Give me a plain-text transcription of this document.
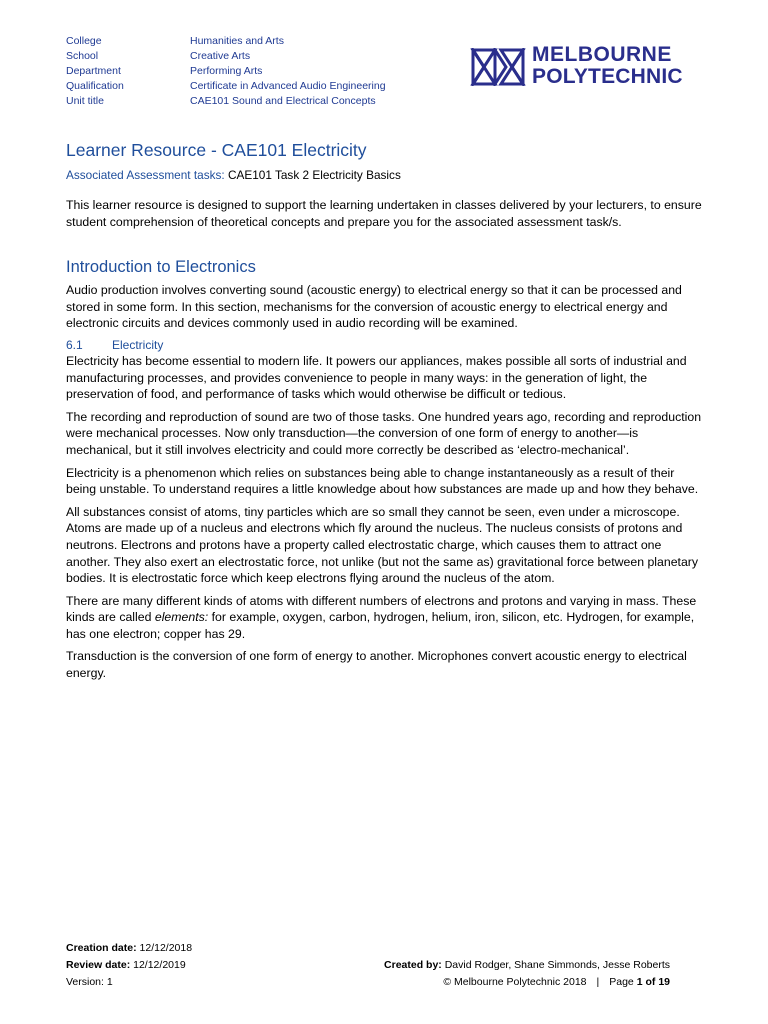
College	Humanities and Arts
School	Creative Arts
Department	Performing Arts
Qualification	Certificate in Advanced Audio Engineering
Unit title	CAE101 Sound and Electrical Concepts
MELBOURNE
POLYTECHNIC
Learner Resource - CAE101 Electricity
Associated Assessment tasks: CAE101 Task 2 Electricity Basics

This learner resource is designed to support the learning undertaken in classes delivered by your lecturers, to ensure student comprehension of theoretical concepts and prepare you for the associated assessment task/s.

Introduction to Electronics

Audio production involves converting sound (acoustic energy) to electrical energy so that it can be processed and stored in some form. In this section, mechanisms for the conversion of acoustic energy to electrical energy and electronic circuits and devices commonly used in audio recording will be examined.

6.1	Electricity

Electricity has become essential to modern life. It powers our appliances, makes possible all sorts of industrial and manufacturing processes, and provides convenience to people in many ways: in the generation of light, the preservation of food, and performance of tasks which would otherwise be difficult or tedious.

The recording and reproduction of sound are two of those tasks. One hundred years ago, recording and reproduction were mechanical processes. Now only transduction—the conversion of one form of energy to another—is mechanical, but it still involves electricity and could more correctly be described as ‘electro-mechanical’.

Electricity is a phenomenon which relies on substances being able to change instantaneously as a result of their being unstable. To understand requires a little knowledge about how substances are made up and how they behave.

All substances consist of atoms, tiny particles which are so small they cannot be seen, even under a microscope. Atoms are made up of a nucleus and electrons which fly around the nucleus. The nucleus consists of protons and neutrons. Electrons and protons have a property called electrostatic charge, which causes them to attract one another. They also exert an electrostatic force, not unlike (but not the same as) gravitational force between planetary bodies. It is electrostatic force which keep electrons flying around the nucleus of the atom.

There are many different kinds of atoms with different numbers of electrons and protons and varying in mass. These kinds are called elements: for example, oxygen, carbon, hydrogen, helium, iron, silicon, etc. Hydrogen, for example, has one electron; copper has 29.

Transduction is the conversion of one form of energy to another. Microphones convert acoustic energy to electrical energy.

Creation date: 12/12/2018
Review date: 12/12/2019
Version: 1
Created by: David Rodger, Shane Simmonds, Jesse Roberts
© Melbourne Polytechnic 2018 | Page 1 of 19
